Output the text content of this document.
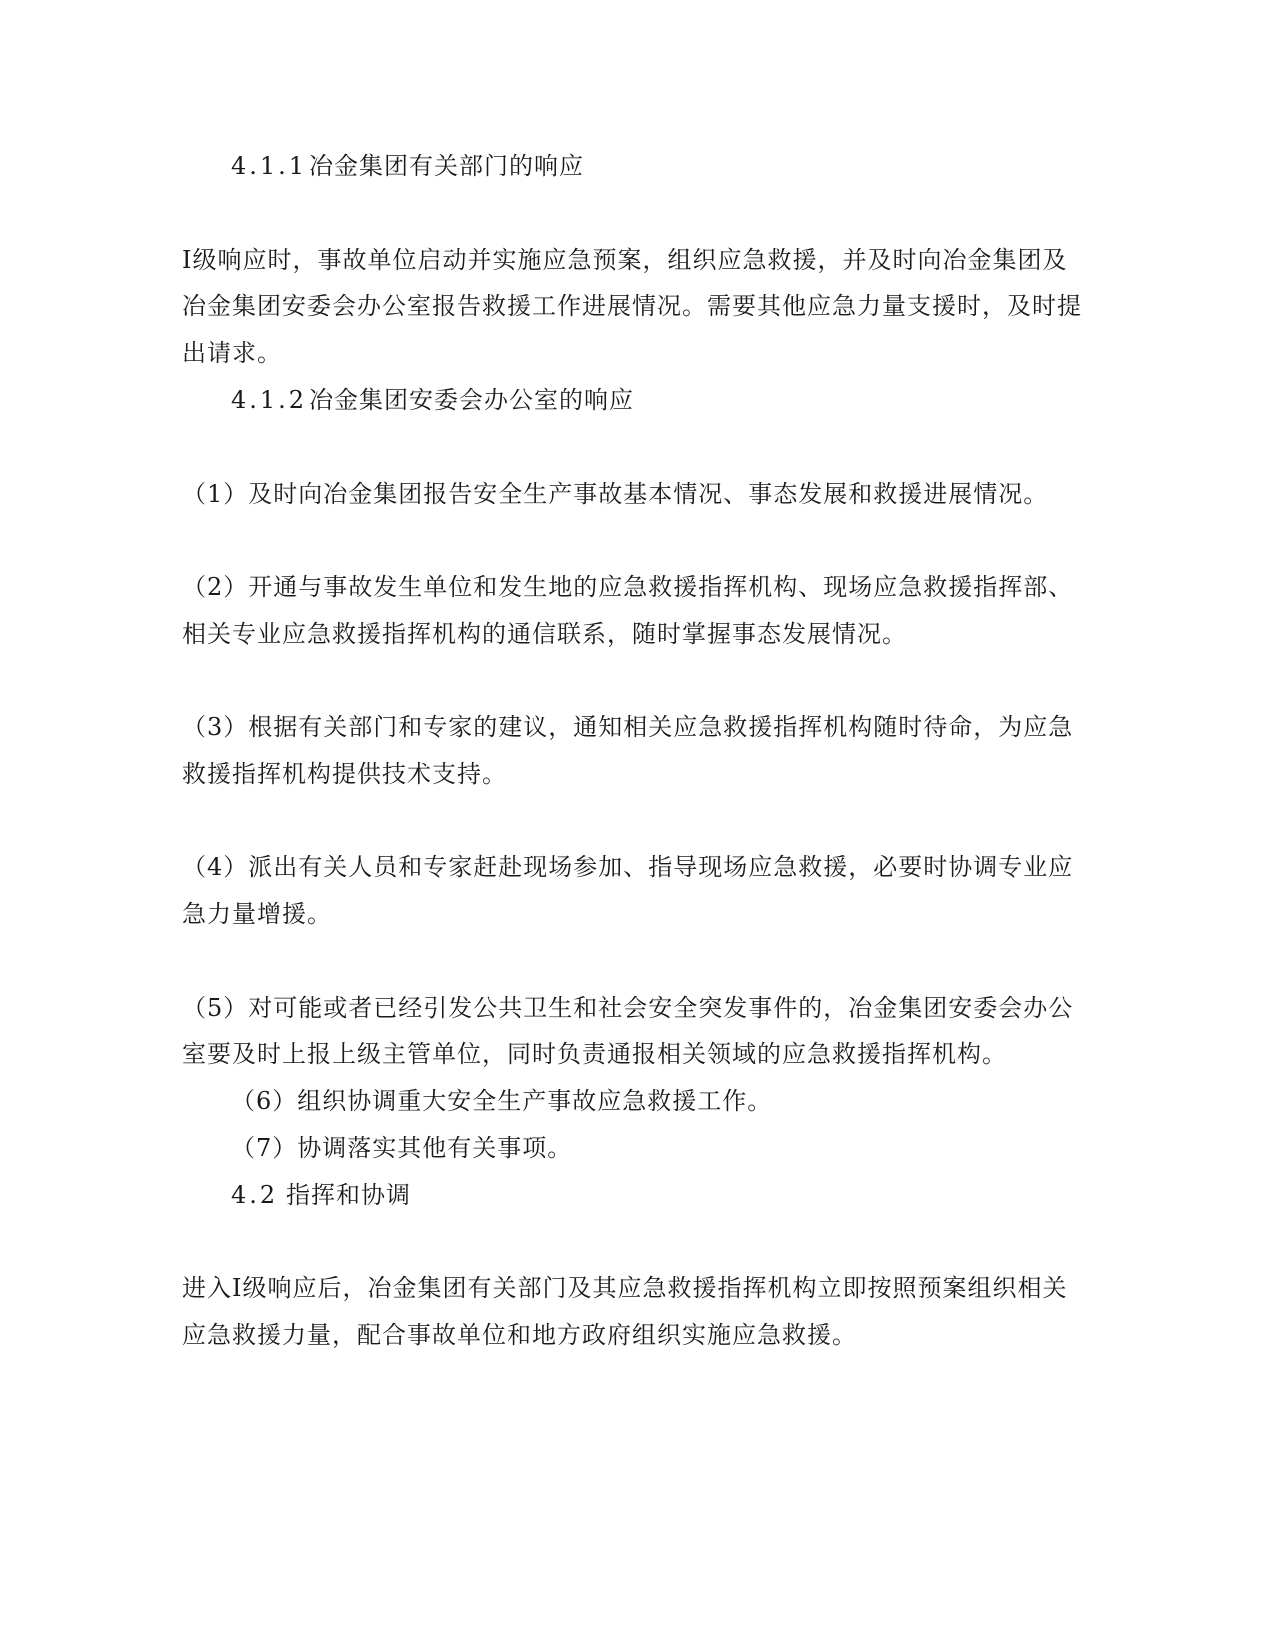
4.1.1冶金集团有关部门的响应
Ⅰ级响应时，事故单位启动并实施应急预案，组织应急救援，并及时向冶金集团及
冶金集团安委会办公室报告救援工作进展情况。需要其他应急力量支援时，及时提
出请求。
4.1.2冶金集团安委会办公室的响应
（1）及时向冶金集团报告安全生产事故基本情况、事态发展和救援进展情况。
（2）开通与事故发生单位和发生地的应急救援指挥机构、现场应急救援指挥部、
相关专业应急救援指挥机构的通信联系，随时掌握事态发展情况。
（3）根据有关部门和专家的建议，通知相关应急救援指挥机构随时待命，为应急
救援指挥机构提供技术支持。
（4）派出有关人员和专家赶赴现场参加、指导现场应急救援，必要时协调专业应
急力量增援。
（5）对可能或者已经引发公共卫生和社会安全突发事件的，冶金集团安委会办公
室要及时上报上级主管单位，同时负责通报相关领域的应急救援指挥机构。
（6）组织协调重大安全生产事故应急救援工作。
（7）协调落实其他有关事项。
4.2 指挥和协调
进入Ⅰ级响应后，冶金集团有关部门及其应急救援指挥机构立即按照预案组织相关
应急救援力量，配合事故单位和地方政府组织实施应急救援。
